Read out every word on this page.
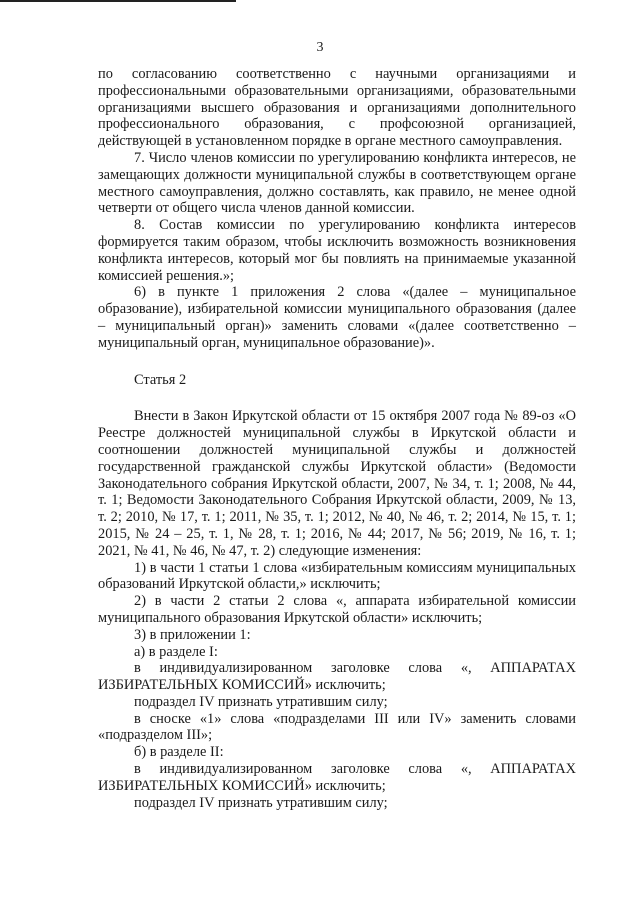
3

по согласованию соответственно с научными организациями и профессиональными образовательными организациями, образовательными организациями высшего образования и организациями дополнительного профессионального образования, с профсоюзной организацией, действующей в установленном порядке в органе местного самоуправления.

7. Число членов комиссии по урегулированию конфликта интересов, не замещающих должности муниципальной службы в соответствующем органе местного самоуправления, должно составлять, как правило, не менее одной четверти от общего числа членов данной комиссии.

8. Состав комиссии по урегулированию конфликта интересов формируется таким образом, чтобы исключить возможность возникновения конфликта интересов, который мог бы повлиять на принимаемые указанной комиссией решения.»;

6) в пункте 1 приложения 2 слова «(далее – муниципальное образование), избирательной комиссии муниципального образования (далее – муниципальный орган)» заменить словами «(далее соответственно – муниципальный орган, муниципальное образование)».

Статья 2

Внести в Закон Иркутской области от 15 октября 2007 года № 89-оз «О Реестре должностей муниципальной службы в Иркутской области и соотношении должностей муниципальной службы и должностей государственной гражданской службы Иркутской области» (Ведомости Законодательного собрания Иркутской области, 2007, № 34, т. 1; 2008, № 44, т. 1; Ведомости Законодательного Собрания Иркутской области, 2009, № 13, т. 2; 2010, № 17, т. 1; 2011, № 35, т. 1; 2012, № 40, № 46, т. 2; 2014, № 15, т. 1; 2015, № 24 – 25, т. 1, № 28, т. 1; 2016, № 44; 2017, № 56; 2019, № 16, т. 1; 2021, № 41, № 46, № 47, т. 2) следующие изменения:

1) в части 1 статьи 1 слова «избирательным комиссиям муниципальных образований Иркутской области,» исключить;

2) в части 2 статьи 2 слова «, аппарата избирательной комиссии муниципального образования Иркутской области» исключить;

3) в приложении 1:

а) в разделе I:

в индивидуализированном заголовке слова «, АППАРАТАХ ИЗБИРАТЕЛЬНЫХ КОМИССИЙ» исключить;

подраздел IV признать утратившим силу;

в сноске «1» слова «подразделами III или IV» заменить словами «подразделом III»;

б) в разделе II:

в индивидуализированном заголовке слова «, АППАРАТАХ ИЗБИРАТЕЛЬНЫХ КОМИССИЙ» исключить;

подраздел IV признать утратившим силу;
